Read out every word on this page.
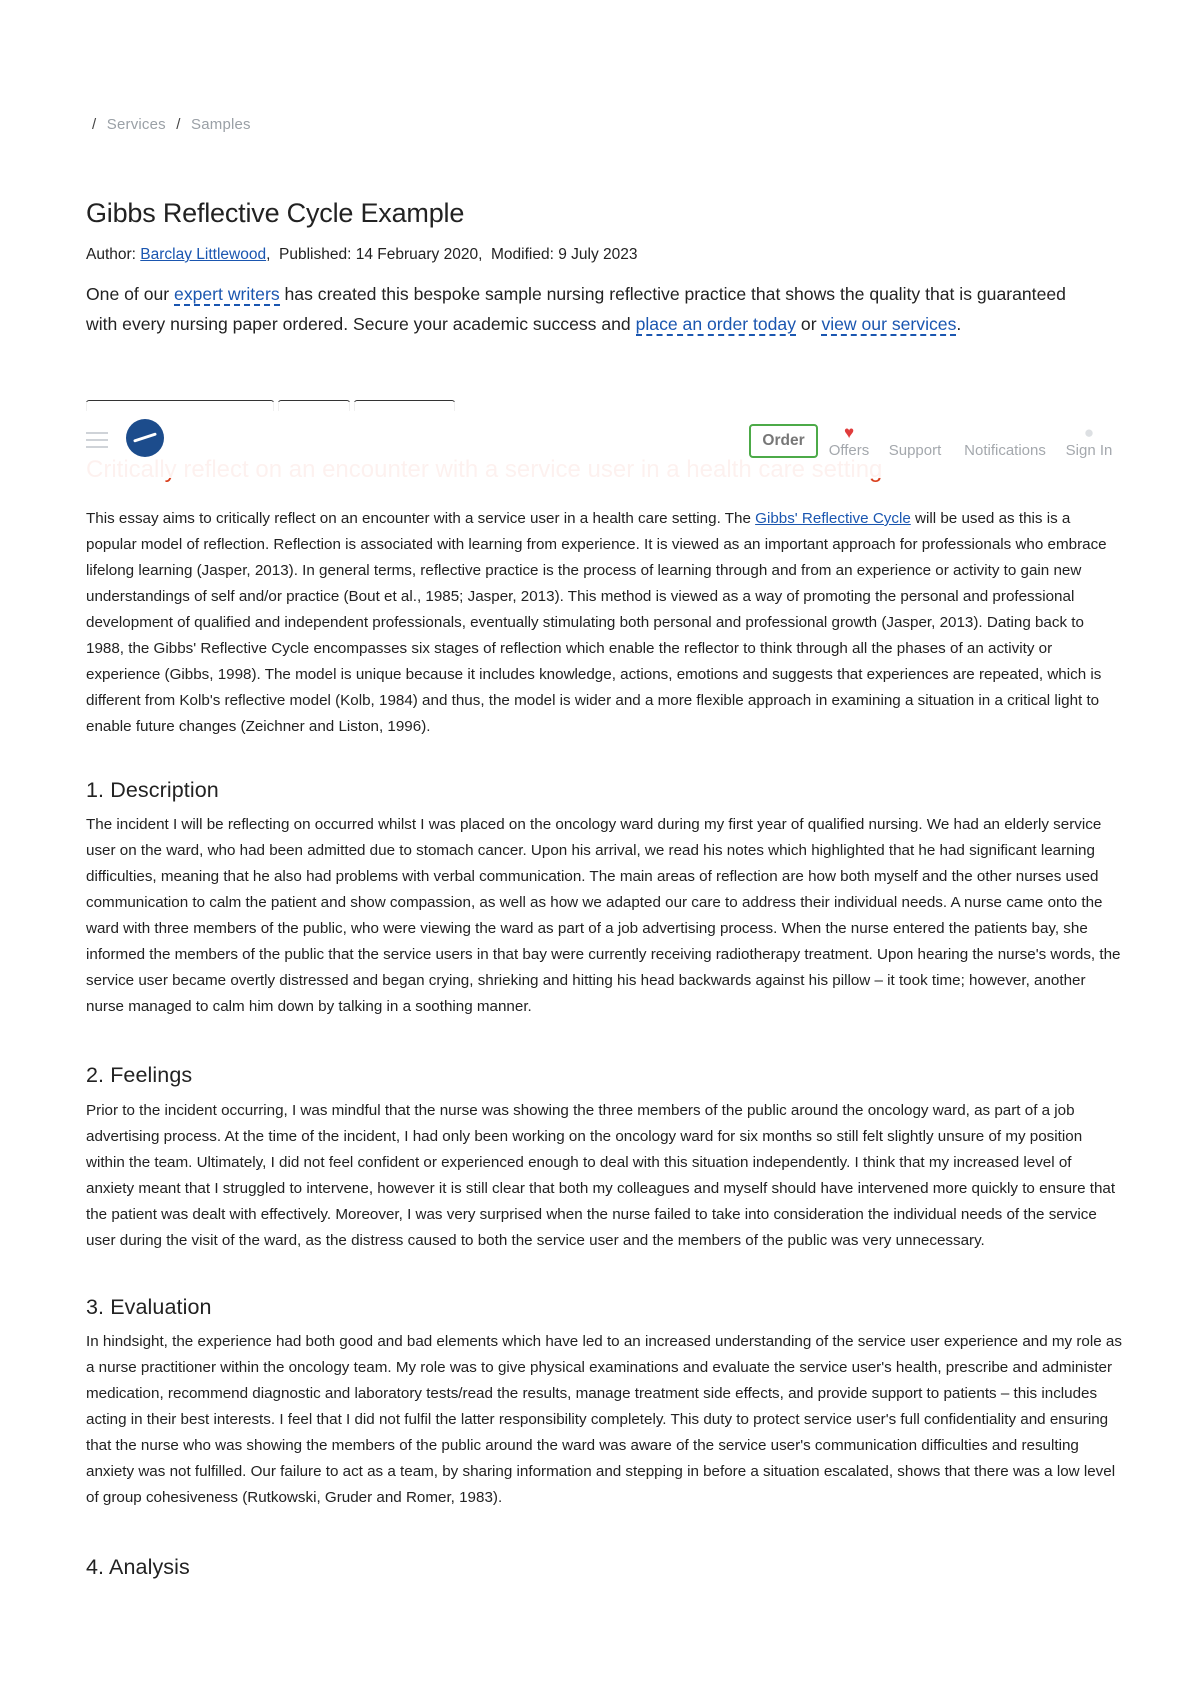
/ Services / Samples
Gibbs Reflective Cycle Example
Author: Barclay Littlewood,  Published: 14 February 2020, Modified: 9 July 2023

One of our expert writers has created this bespoke sample nursing reflective practice that shows the quality that is guaranteed with every nursing paper ordered. Secure your academic success and place an order today or view our services.

Order	♥
Offers Support Notifications
●
Sign In

This essay aims to critically reflect on an encounter with a service user in a health care setting. The Gibbs' Reflective Cycle will be used as this is a popular model of reflection. Reflection is associated with learning from experience. It is viewed as an important approach for professionals who embrace lifelong learning (Jasper, 2013). In general terms, reflective practice is the process of learning through and from an experience or activity to gain new understandings of self and/or practice (Bout et al., 1985; Jasper, 2013). This method is viewed as a way of promoting the personal and professional development of qualified and independent professionals, eventually stimulating both personal and professional growth (Jasper, 2013). Dating back to 1988, the Gibbs' Reflective Cycle encompasses six stages of reflection which enable the reflector to think through all the phases of an activity or experience (Gibbs, 1998). The model is unique because it includes knowledge, actions, emotions and suggests that experiences are repeated, which is different from Kolb's reflective model (Kolb, 1984) and thus, the model is wider and a more flexible approach in examining a situation in a critical light to enable future changes (Zeichner and Liston, 1996).

1. Description

The incident I will be reflecting on occurred whilst I was placed on the oncology ward during my first year of qualified nursing. We had an elderly service user on the ward, who had been admitted due to stomach cancer. Upon his arrival, we read his notes which highlighted that he had significant learning difficulties, meaning that he also had problems with verbal communication. The main areas of reflection are how both myself and the other nurses used communication to calm the patient and show compassion, as well as how we adapted our care to address their individual needs. A nurse came onto the ward with three members of the public, who were viewing the ward as part of a job advertising process. When the nurse entered the patients bay, she informed the members of the public that the service users in that bay were currently receiving radiotherapy treatment. Upon hearing the nurse's words, the service user became overtly distressed and began crying, shrieking and hitting his head backwards against his pillow – it took time; however, another nurse managed to calm him down by talking in a soothing manner.

2. Feelings

Prior to the incident occurring, I was mindful that the nurse was showing the three members of the public around the oncology ward, as part of a job advertising process. At the time of the incident, I had only been working on the oncology ward for six months so still felt slightly unsure of my position within the team. Ultimately, I did not feel confident or experienced enough to deal with this situation independently. I think that my increased level of anxiety meant that I struggled to intervene, however it is still clear that both my colleagues and myself should have intervened more quickly to ensure that the patient was dealt with effectively. Moreover, I was very surprised when the nurse failed to take into consideration the individual needs of the service user during the visit of the ward, as the distress caused to both the service user and the members of the public was very unnecessary.

3. Evaluation

In hindsight, the experience had both good and bad elements which have led to an increased understanding of the service user experience and my role as a nurse practitioner within the oncology team. My role was to give physical examinations and evaluate the service user's health, prescribe and administer medication, recommend diagnostic and laboratory tests/read the results, manage treatment side effects, and provide support to patients – this includes acting in their best interests. I feel that I did not fulfil the latter responsibility completely. This duty to protect service user's full confidentiality and ensuring that the nurse who was showing the members of the public around the ward was aware of the service user's communication difficulties and resulting anxiety was not fulfilled. Our failure to act as a team, by sharing information and stepping in before a situation escalated, shows that there was a low level of group cohesiveness (Rutkowski, Gruder and Romer, 1983).

4. Analysis
